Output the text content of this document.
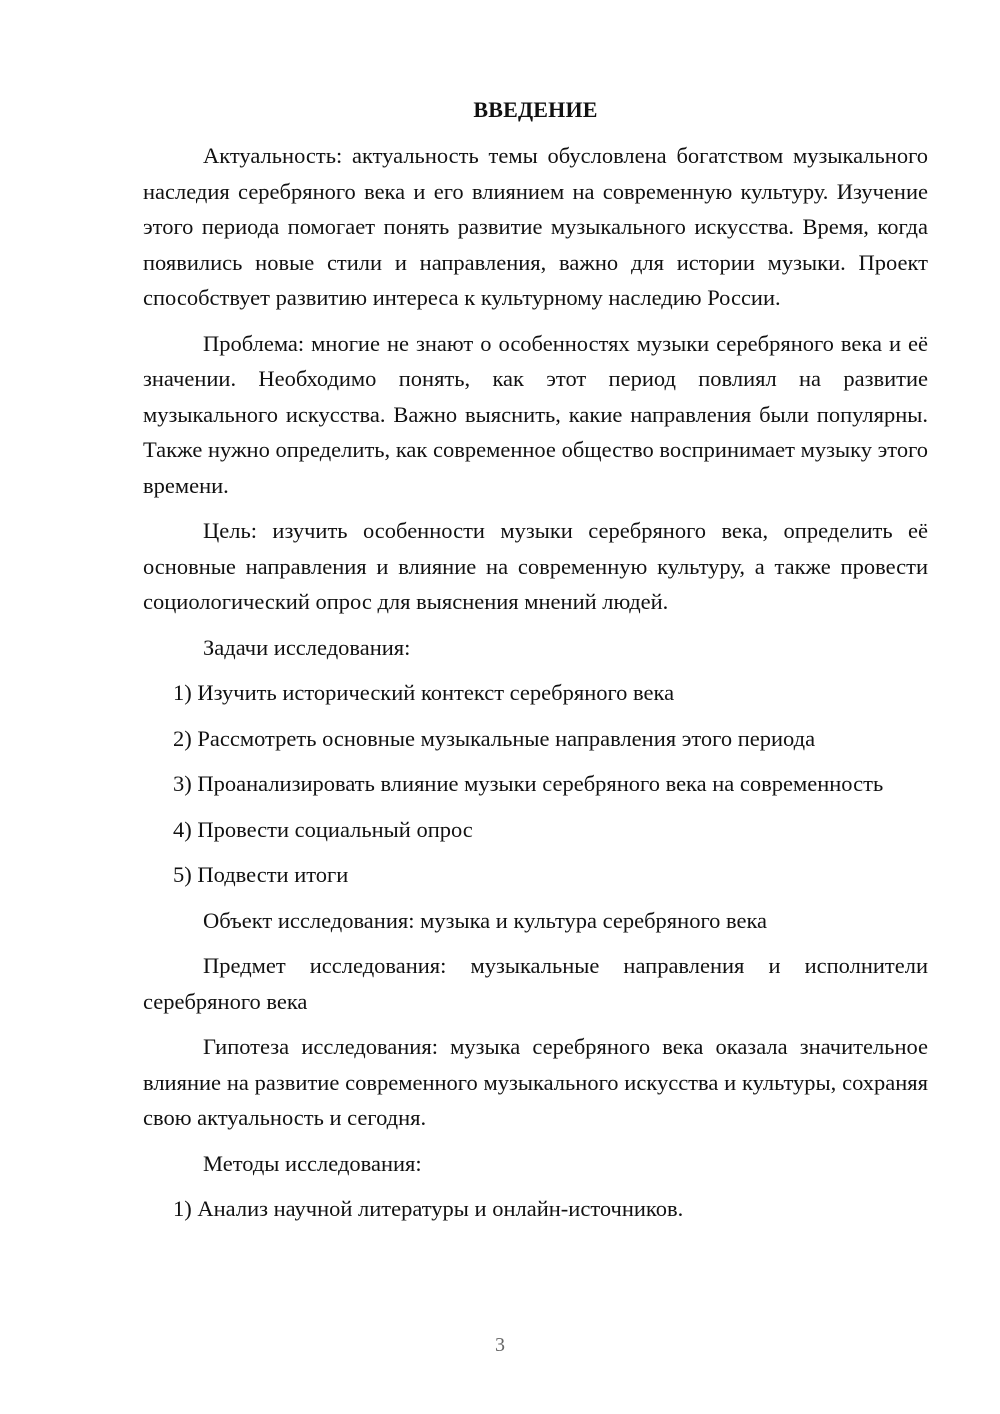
ВВЕДЕНИЕ

Актуальность: актуальность темы обусловлена богатством музыкального наследия серебряного века и его влиянием на современную культуру. Изучение этого периода помогает понять развитие музыкального искусства. Время, когда появились новые стили и направления, важно для истории музыки. Проект способствует развитию интереса к культурному наследию России.

Проблема: многие не знают о особенностях музыки серебряного века и её значении. Необходимо понять, как этот период повлиял на развитие музыкального искусства. Важно выяснить, какие направления были популярны. Также нужно определить, как современное общество воспринимает музыку этого времени.

Цель: изучить особенности музыки серебряного века, определить её основные направления и влияние на современную культуру, а также провести социологический опрос для выяснения мнений людей.

Задачи исследования:

1) Изучить исторический контекст серебряного века

2) Рассмотреть основные музыкальные направления этого периода

3) Проанализировать влияние музыки серебряного века на современность

4) Провести социальный опрос

5) Подвести итоги

Объект исследования: музыка и культура серебряного века

Предмет исследования: музыкальные направления и исполнители серебряного века

Гипотеза исследования: музыка серебряного века оказала значительное влияние на развитие современного музыкального искусства и культуры, сохраняя свою актуальность и сегодня.

Методы исследования:

1) Анализ научной литературы и онлайн-источников.

3
